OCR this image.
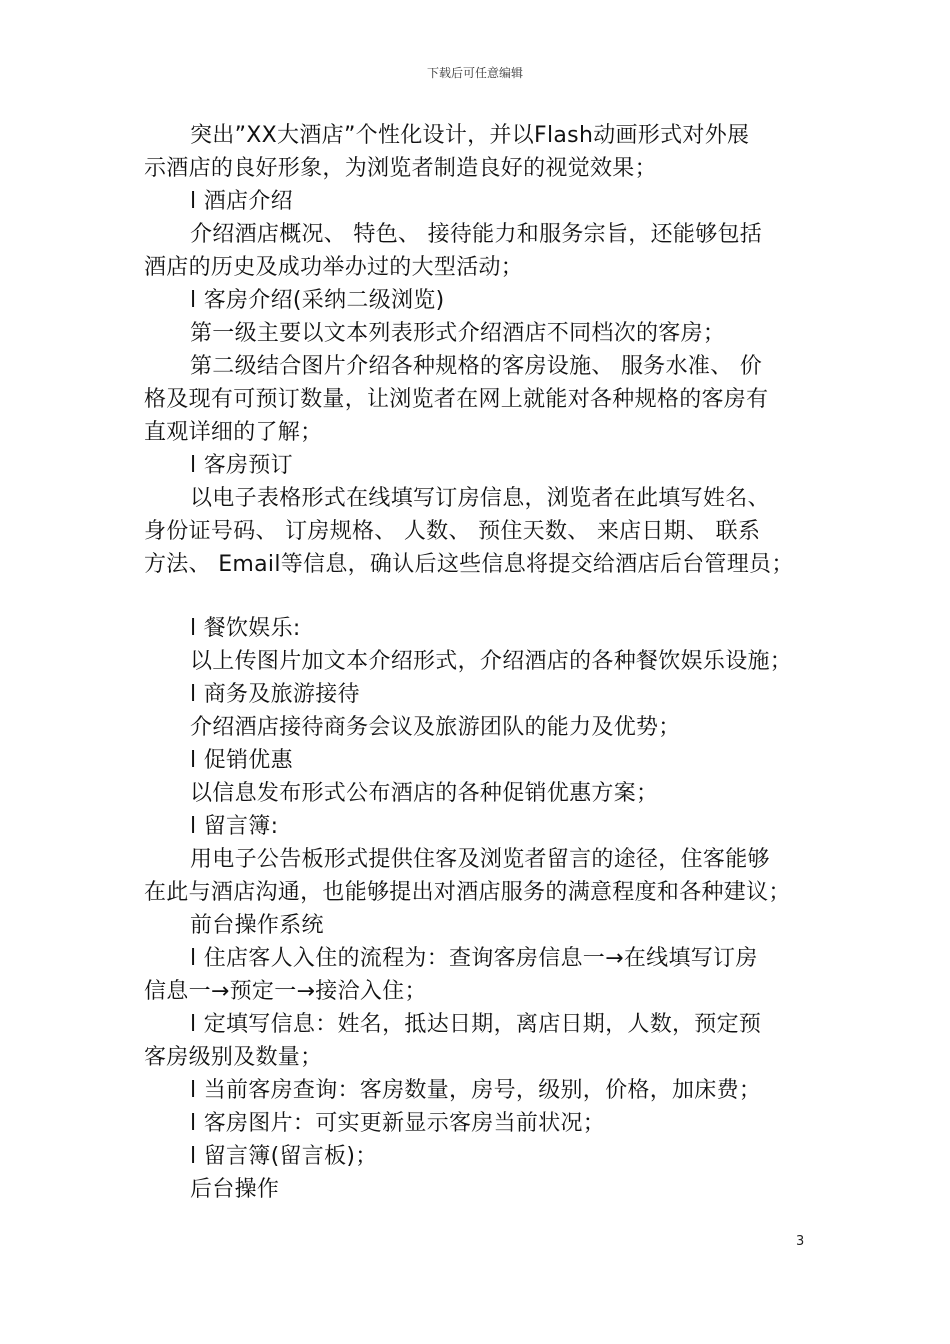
下载后可任意编辑
突出”XX大酒店”个性化设计，并以Flash动画形式对外展
示酒店的良好形象，为浏览者制造良好的视觉效果；
l 酒店介绍
介绍酒店概况、 特色、 接待能力和服务宗旨，还能够包括
酒店的历史及成功举办过的大型活动；
l 客房介绍(采纳二级浏览)
第一级主要以文本列表形式介绍酒店不同档次的客房；
第二级结合图片介绍各种规格的客房设施、 服务水准、 价
格及现有可预订数量，让浏览者在网上就能对各种规格的客房有
直观详细的了解；
l 客房预订
以电子表格形式在线填写订房信息，浏览者在此填写姓名、
身份证号码、 订房规格、 人数、 预住天数、 来店日期、 联系
方法、 Email等信息，确认后这些信息将提交给酒店后台管理员；
l 餐饮娱乐:
以上传图片加文本介绍形式，介绍酒店的各种餐饮娱乐设施；
l 商务及旅游接待
介绍酒店接待商务会议及旅游团队的能力及优势；
l 促销优惠
以信息发布形式公布酒店的各种促销优惠方案；
l 留言簿:
用电子公告板形式提供住客及浏览者留言的途径，住客能够
在此与酒店沟通，也能够提出对酒店服务的满意程度和各种建议；
前台操作系统
l 住店客人入住的流程为：查询客房信息一→在线填写订房
信息一→预定一→接洽入住；
l 定填写信息：姓名，抵达日期，离店日期，人数，预定预
客房级别及数量；
l 当前客房查询：客房数量，房号，级别，价格，加床费；
l 客房图片：可实更新显示客房当前状况；
l 留言簿(留言板)；
后台操作
3
